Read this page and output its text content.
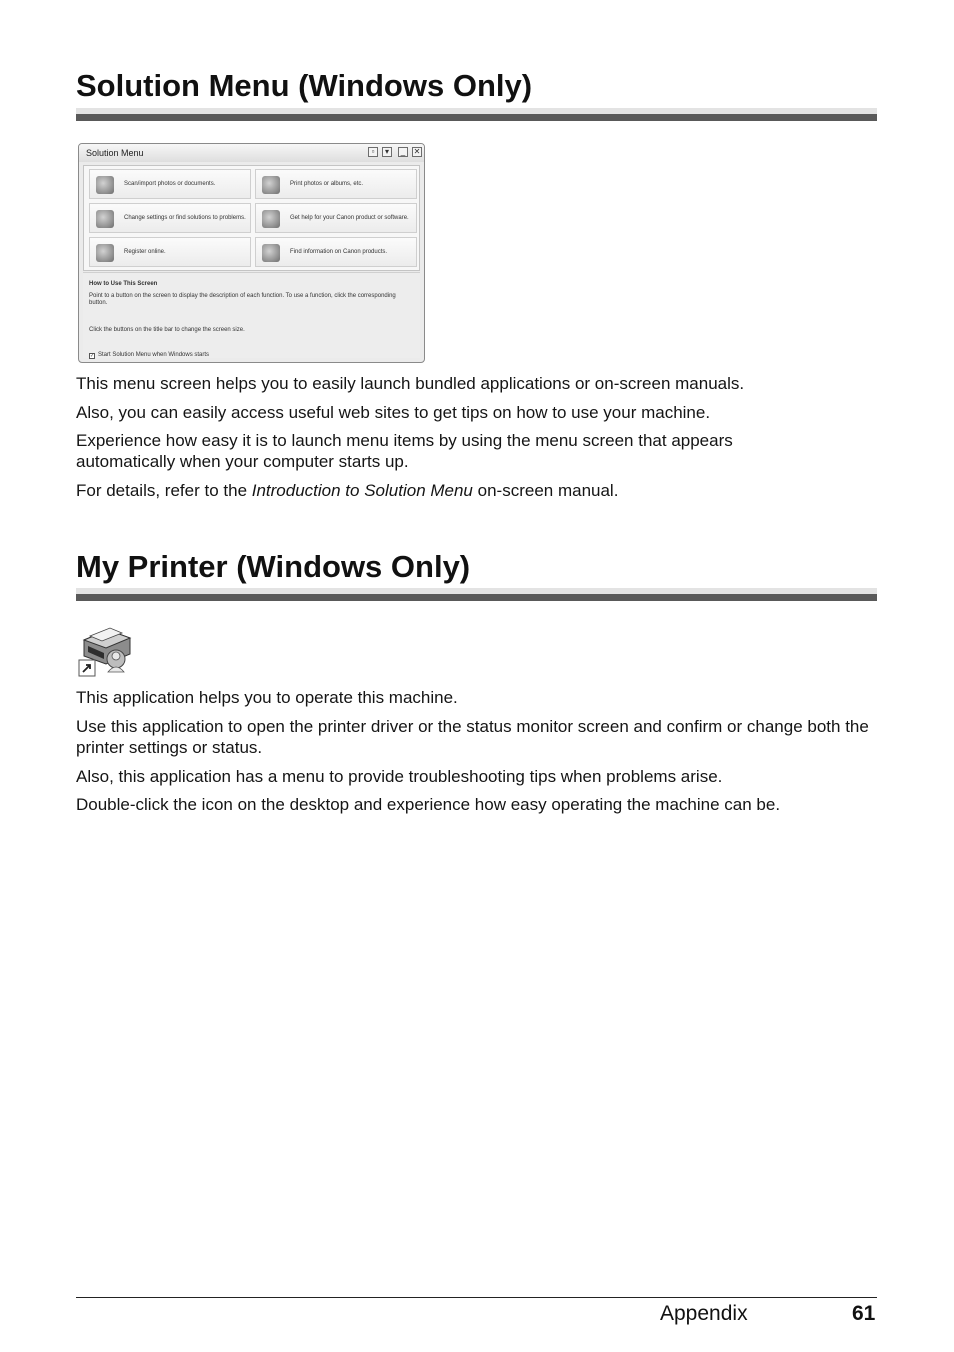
Solution Menu (Windows Only)
Solution Menu	▫	▾	_	✕
Scan/import photos or documents.	Print photos or albums, etc.
Change settings or find solutions to problems.	Get help for your Canon product or software.
Register online.	Find information on Canon products.
How to Use This Screen
Point to a button on the screen to display the description of each function. To use a function, click the corresponding button.
Click the buttons on the title bar to change the screen size.
✓ Start Solution Menu when Windows starts

This menu screen helps you to easily launch bundled applications or on-screen manuals.

Also, you can easily access useful web sites to get tips on how to use your machine.

Experience how easy it is to launch menu items by using the menu screen that appears automatically when your computer starts up.

For details, refer to the Introduction to Solution Menu on-screen manual.

My Printer (Windows Only)

This application helps you to operate this machine.

Use this application to open the printer driver or the status monitor screen and confirm or change both the printer settings or status.

Also, this application has a menu to provide troubleshooting tips when problems arise.

Double-click the icon on the desktop and experience how easy operating the machine can be.

Appendix	61
